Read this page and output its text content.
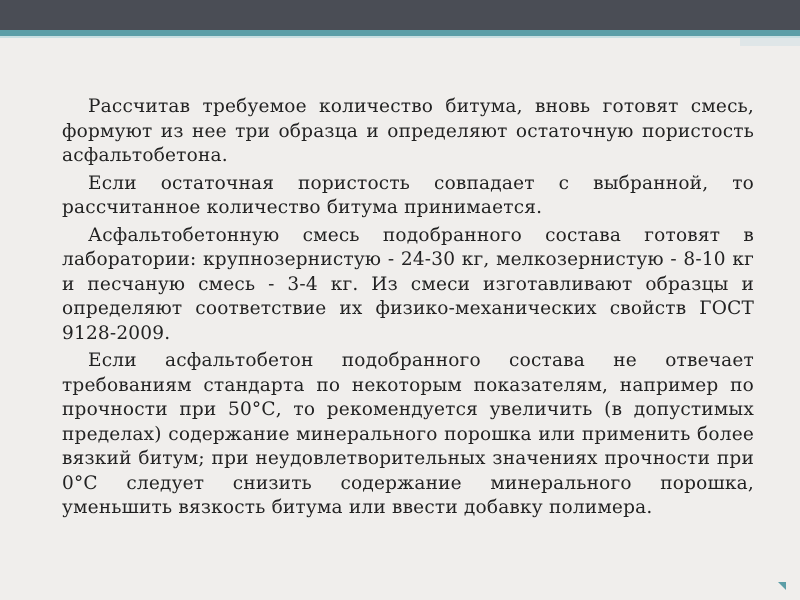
Рассчитав требуемое количество битума, вновь готовят смесь, формуют из нее три образца и определяют остаточную пористость асфальтобетона.

Если остаточная пористость совпадает с выбранной, то рассчитанное количество битума принимается.

Асфальтобетонную смесь подобранного состава готовят в лаборатории: крупнозернистую - 24-30 кг, мелкозернистую - 8-10 кг и песчаную смесь - 3-4 кг. Из смеси изготавливают образцы и определяют соответствие их физико-механических свойств ГОСТ 9128-2009.

Если асфальтобетон подобранного состава не отвечает требованиям стандарта по некоторым показателям, например по прочности при 50°С, то рекомендуется увеличить (в допустимых пределах) содержание минерального порошка или применить более вязкий битум; при неудовлетворительных значениях прочности при 0°С следует снизить содержание минерального порошка, уменьшить вязкость битума или ввести добавку полимера.
